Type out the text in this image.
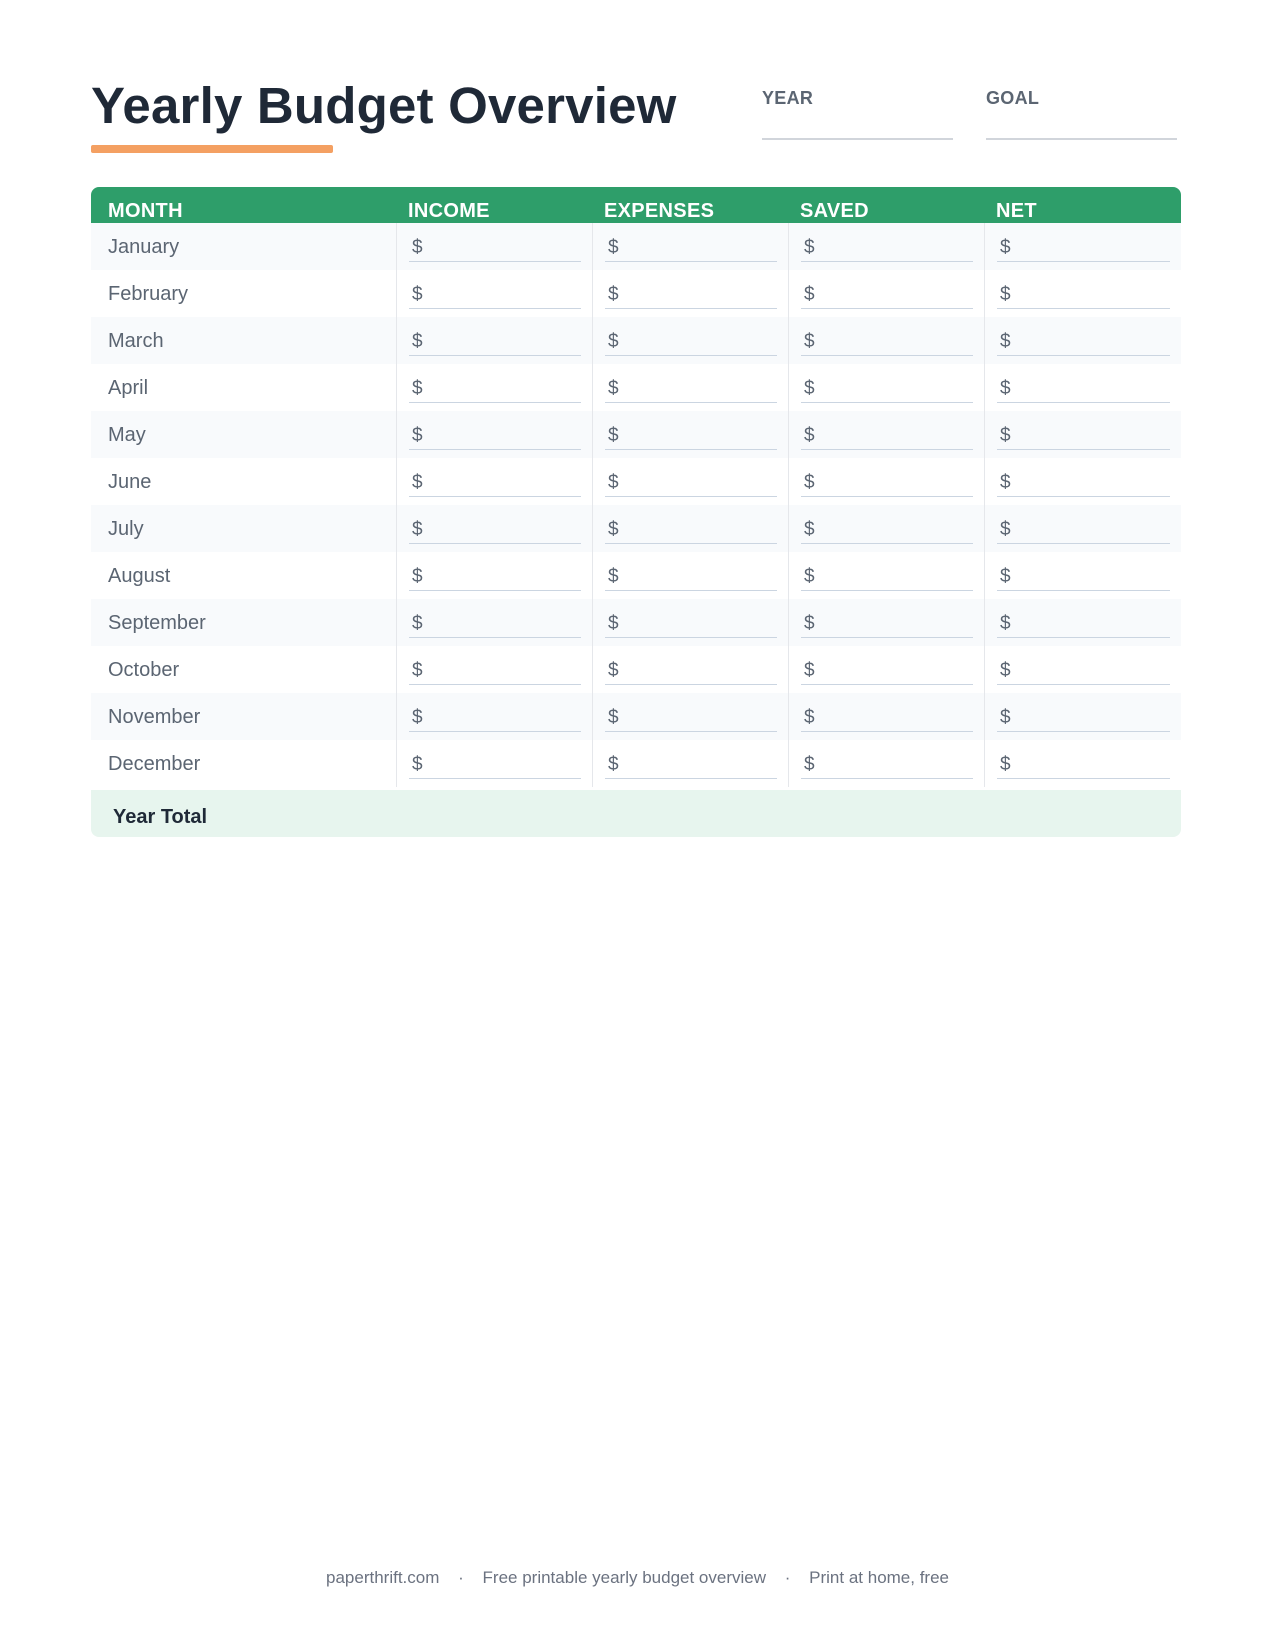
Yearly Budget Overview	YEAR	GOAL
MONTH	INCOME	EXPENSES	SAVED	NET
January	$	$	$	$
February	$	$	$	$
March	$	$	$	$
April	$	$	$	$
May	$	$	$	$
June	$	$	$	$
July	$	$	$	$
August	$	$	$	$
September	$	$	$	$
October	$	$	$	$
November	$	$	$	$
December	$	$	$	$
Year Total
paperthrift.com · Free printable yearly budget overview · Print at home, free
